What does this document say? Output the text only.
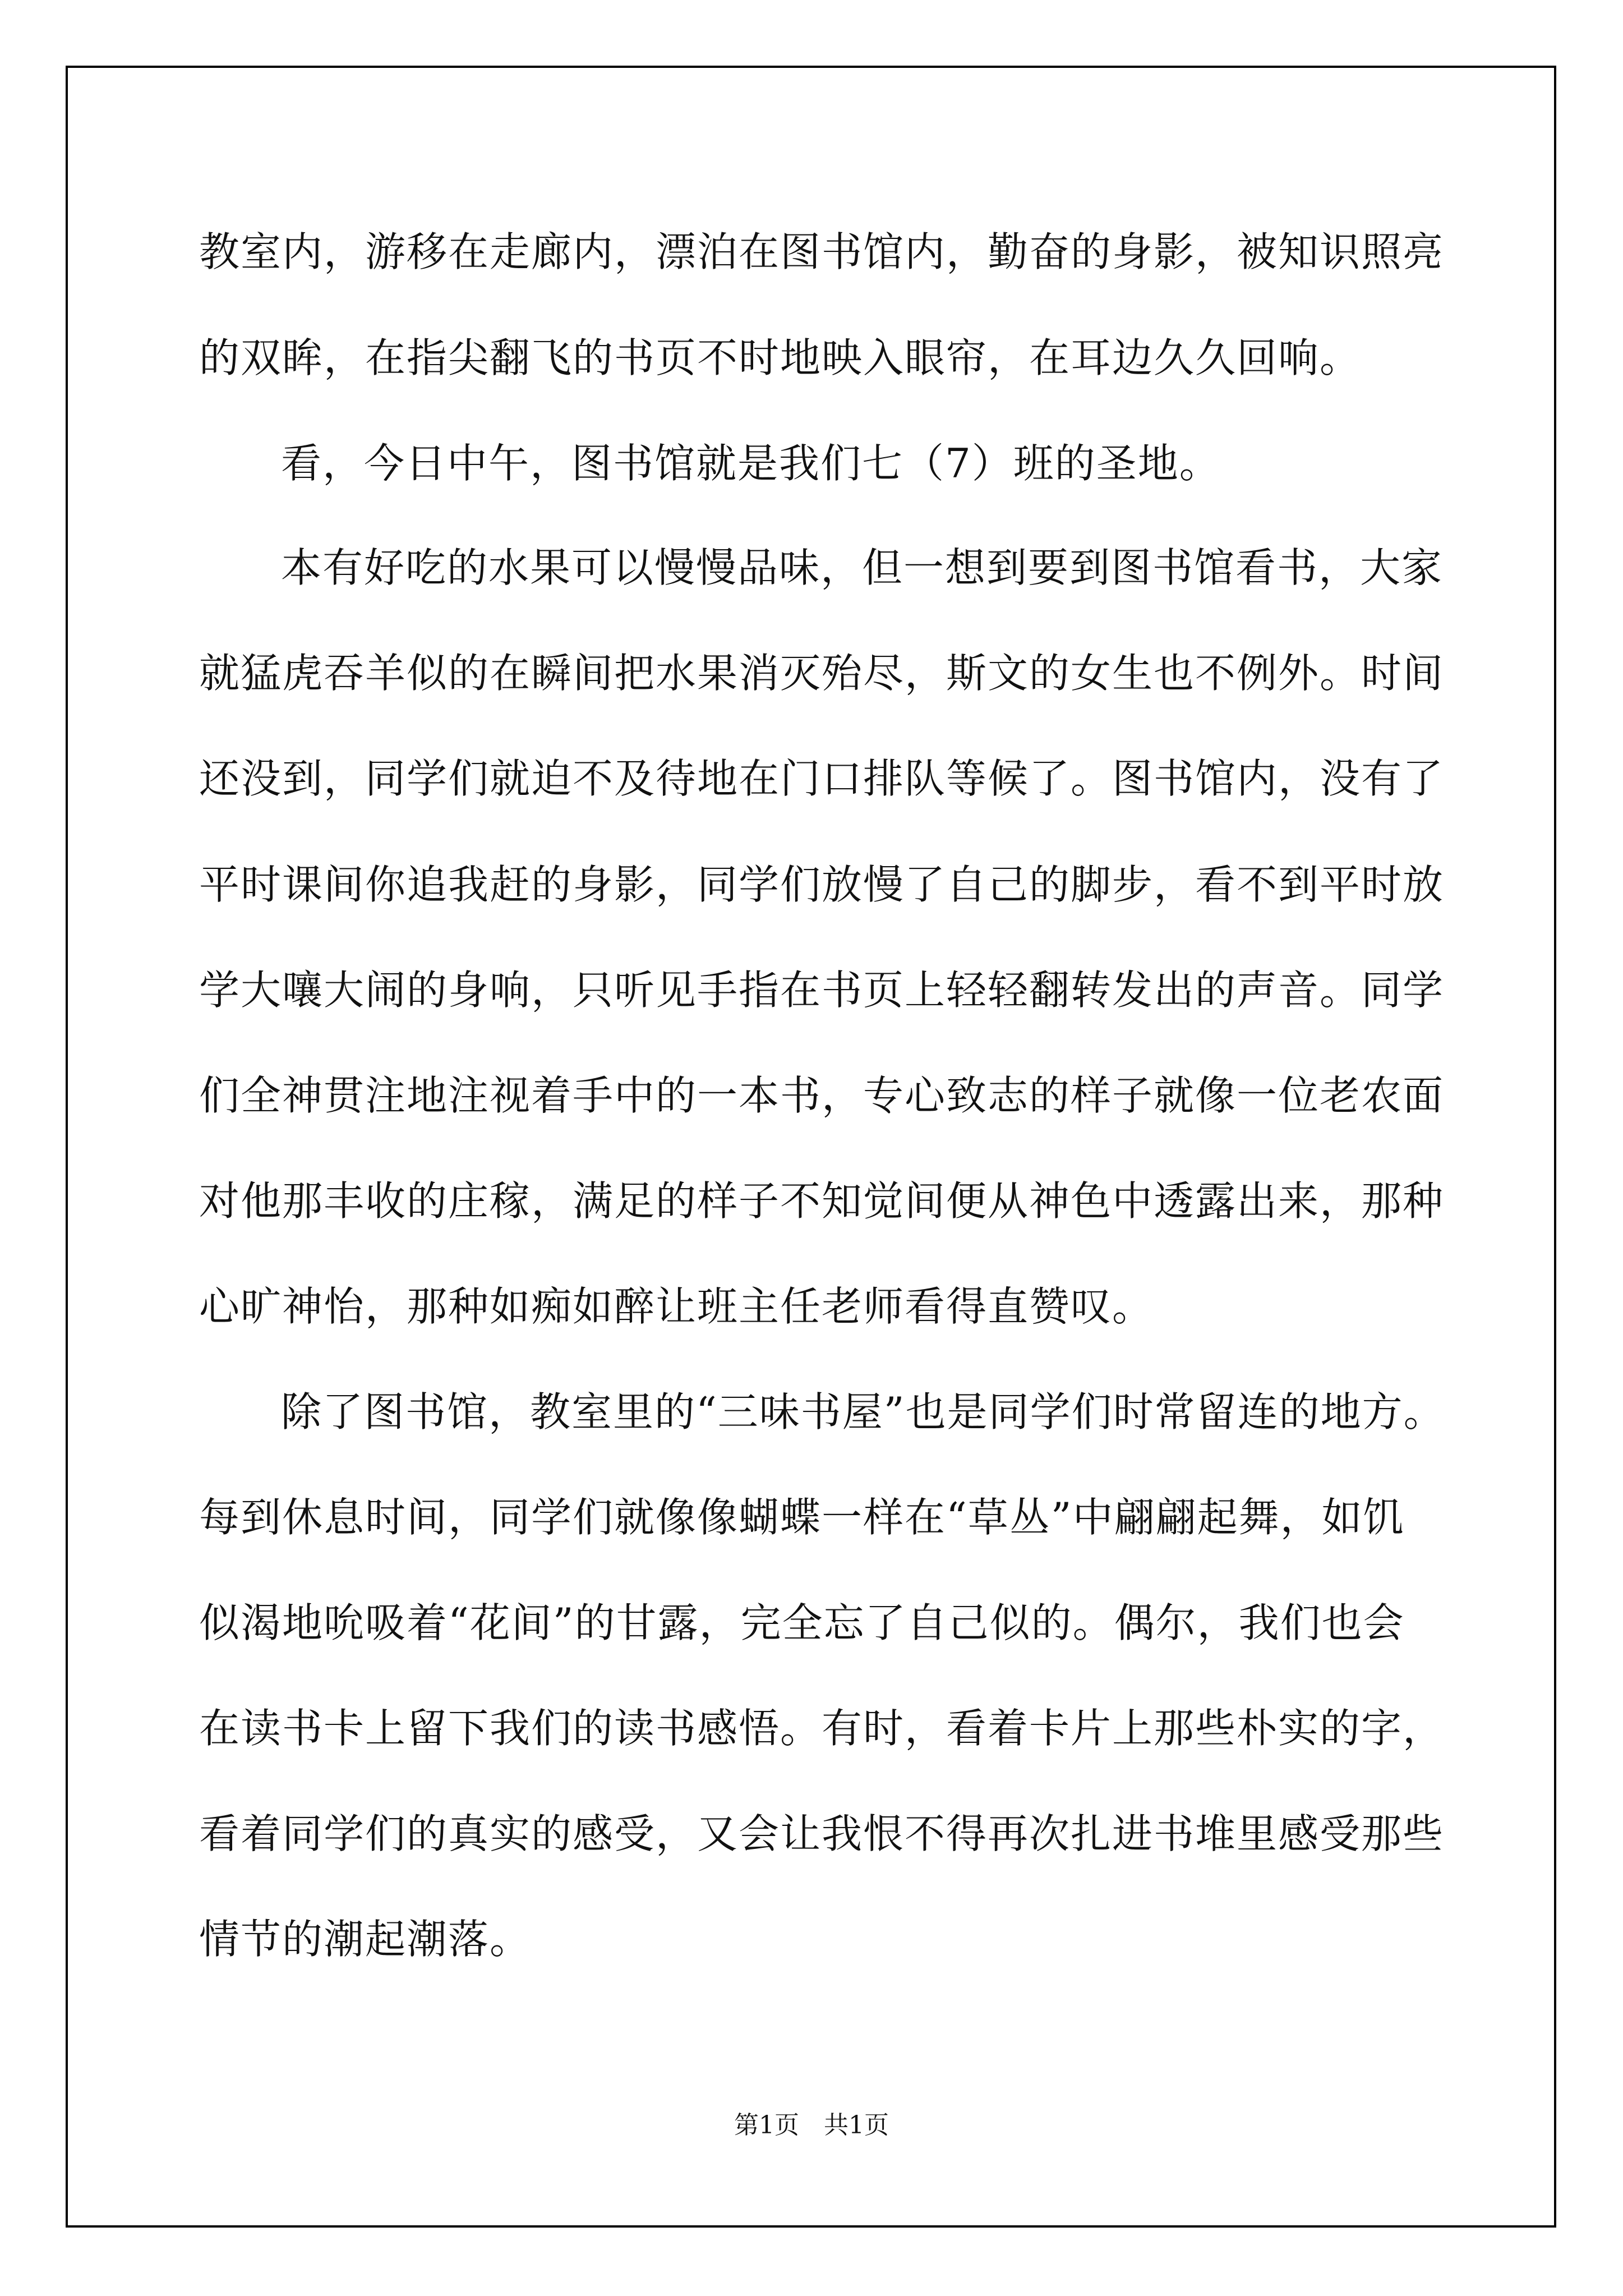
教室内，游移在走廊内，漂泊在图书馆内，勤奋的身影，被知识照亮
的双眸，在指尖翻飞的书页不时地映入眼帘，在耳边久久回响。
看，今日中午，图书馆就是我们七（7）班的圣地。
本有好吃的水果可以慢慢品味，但一想到要到图书馆看书，大家
就猛虎吞羊似的在瞬间把水果消灭殆尽，斯文的女生也不例外。时间
还没到，同学们就迫不及待地在门口排队等候了。图书馆内，没有了
平时课间你追我赶的身影，同学们放慢了自己的脚步，看不到平时放
学大嚷大闹的身响，只听见手指在书页上轻轻翻转发出的声音。同学
们全神贯注地注视着手中的一本书，专心致志的样子就像一位老农面
对他那丰收的庄稼，满足的样子不知觉间便从神色中透露出来，那种
心旷神怡，那种如痴如醉让班主任老师看得直赞叹。
除了图书馆，教室里的“三味书屋”也是同学们时常留连的地方。
每到休息时间，同学们就像像蝴蝶一样在“草丛”中翩翩起舞，如饥
似渴地吮吸着“花间”的甘露，完全忘了自己似的。偶尔，我们也会
在读书卡上留下我们的读书感悟。有时，看着卡片上那些朴实的字，
看着同学们的真实的感受，又会让我恨不得再次扎进书堆里感受那些
情节的潮起潮落。
第1页　共1页
